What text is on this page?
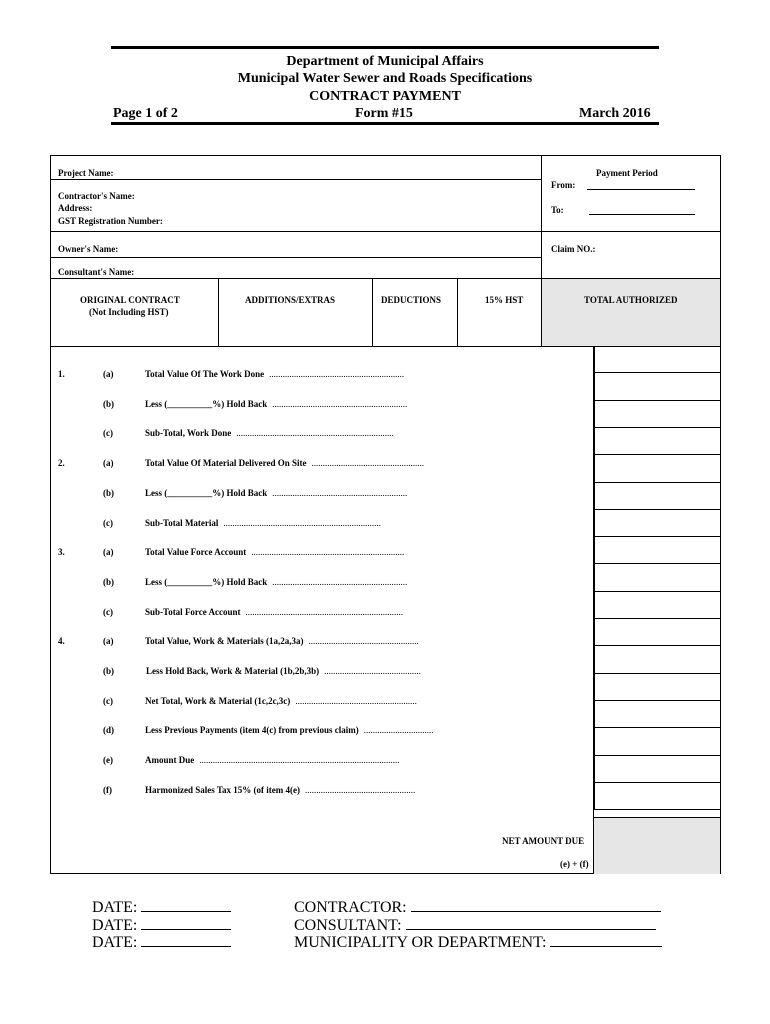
Department of Municipal Affairs
Municipal Water Sewer and Roads Specifications
CONTRACT PAYMENT
Page 1 of 2	Form #15	March 2016
Project Name:
Contractor's Name:
Address:
GST Registration Number:
Owner's Name:
Consultant's Name:
Payment Period
From:
To:
Claim NO.:
ORIGINAL CONTRACT
(Not Including HST)
ADDITIONS/EXTRAS	DEDUCTIONS	15% HST	TOTAL AUTHORIZED
1.	(a)	Total Value Of The Work Done ............................................................
(b)	Less (__________%) Hold Back ............................................................
(c)	Sub-Total, Work Done ......................................................................
2.	(a)	Total Value Of Material Delivered On Site ..................................................
(b)	Less (__________%) Hold Back ............................................................
(c)	Sub-Total Material ......................................................................
3.	(a)	Total Value Force Account ....................................................................
(b)	Less (__________%) Hold Back ............................................................
(c)	Sub-Total Force Account ......................................................................
4.	(a)	Total Value, Work & Materials (1a,2a,3a) .................................................
(b)	Less Hold Back, Work & Material (1b,2b,3b) ...........................................
(c)	Net Total, Work & Material (1c,2c,3c) ......................................................
(d)	Less Previous Payments (item 4(c) from previous claim) ...............................
(e)	Amount Due .........................................................................................
(f)	Harmonized Sales Tax 15% (of item 4(e) .................................................
NET AMOUNT DUE
(e) + (f)
DATE:
DATE:
DATE:
CONTRACTOR:
CONSULTANT:
MUNICIPALITY OR DEPARTMENT:
